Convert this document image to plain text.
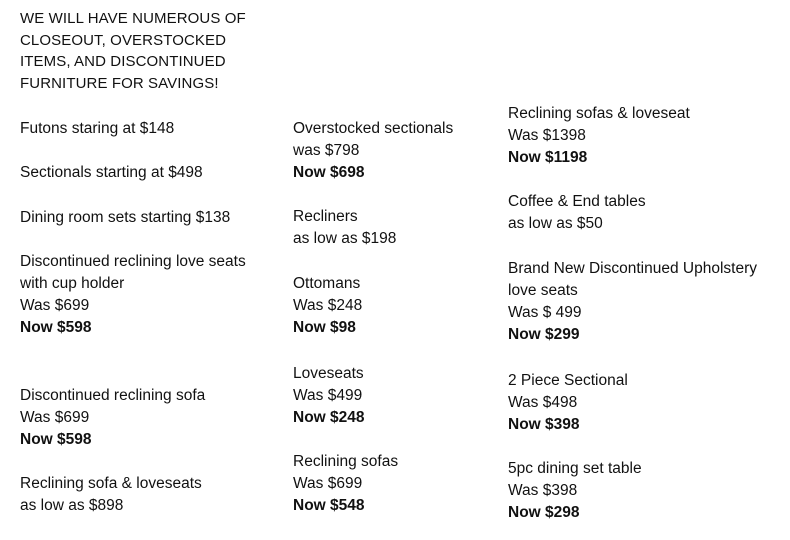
WE WILL HAVE NUMEROUS OF CLOSEOUT, OVERSTOCKED ITEMS, AND DISCONTINUED FURNITURE FOR SAVINGS!
Futons staring at $148
Sectionals starting at $498
Dining room sets starting $138
Discontinued reclining love seats
with cup holder
Was $699
Now $598
Discontinued reclining sofa
Was $699
Now $598
Reclining sofa & loveseats
as low as $898
Overstocked sectionals
was $798
Now $698
Recliners
as low as $198
Ottomans
Was $248
Now $98
Loveseats
Was $499
Now $248
Reclining sofas
Was $699
Now $548
Reclining sofas & loveseat
Was $1398
Now $1198
Coffee & End tables
as low as $50
Brand New Discontinued Upholstery
love seats
Was $ 499
Now $299
2 Piece Sectional
Was $498
Now $398
5pc dining set table
Was $398
Now $298
